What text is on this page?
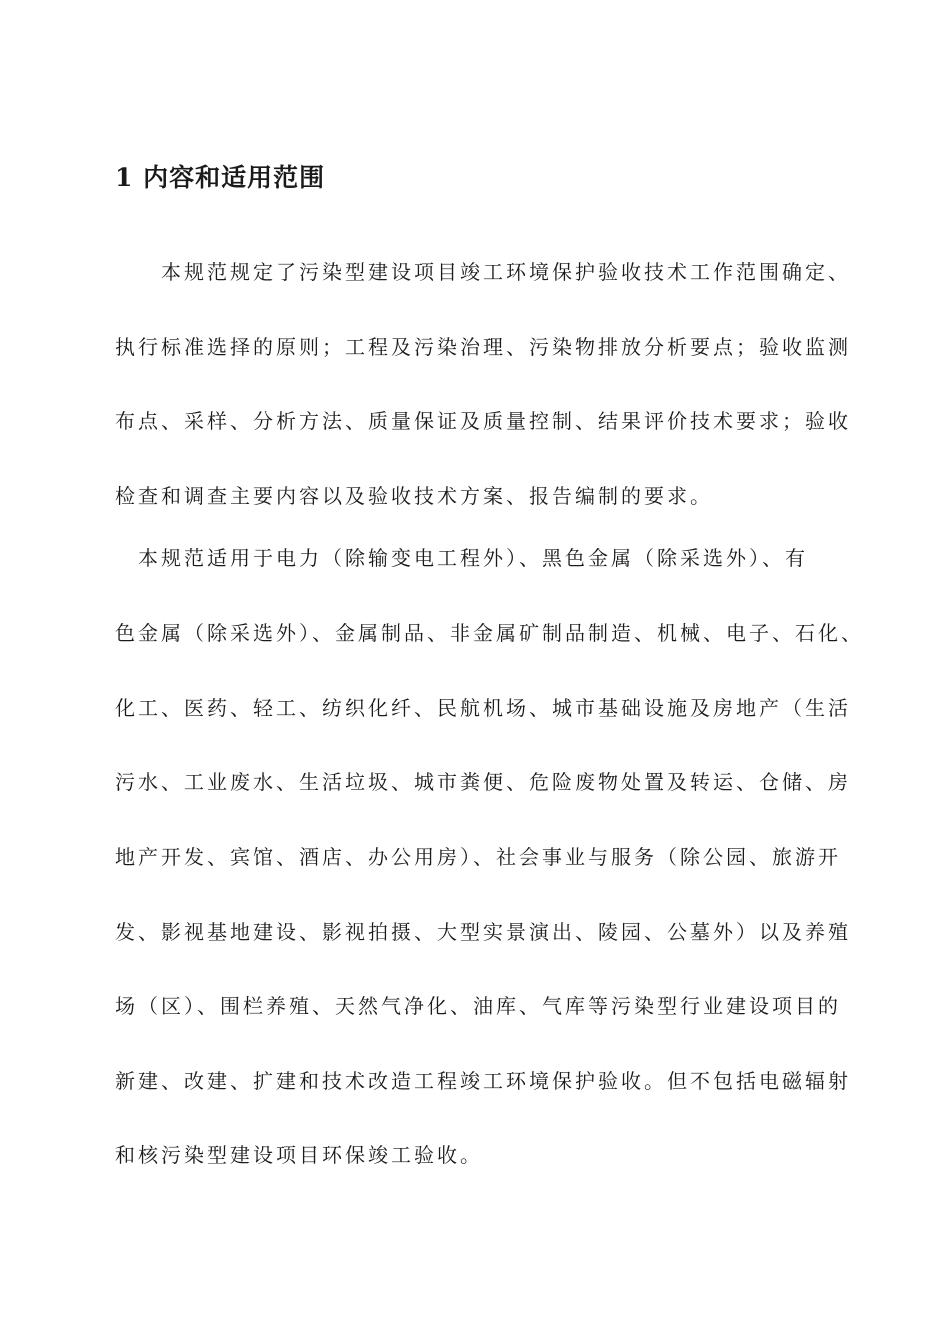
1 内容和适用范围
　　本规范规定了污染型建设项目竣工环境保护验收技术工作范围确定、
执行标准选择的原则；工程及污染治理、污染物排放分析要点；验收监测
布点、采样、分析方法、质量保证及质量控制、结果评价技术要求；验收
检查和调查主要内容以及验收技术方案、报告编制的要求。
　本规范适用于电力（除输变电工程外）、黑色金属（除采选外）、有
色金属（除采选外）、金属制品、非金属矿制品制造、机械、电子、石化、
化工、医药、轻工、纺织化纤、民航机场、城市基础设施及房地产（生活
污水、工业废水、生活垃圾、城市粪便、危险废物处置及转运、仓储、房
地产开发、宾馆、酒店、办公用房）、社会事业与服务（除公园、旅游开
发、影视基地建设、影视拍摄、大型实景演出、陵园、公墓外）以及养殖
场（区）、围栏养殖、天然气净化、油库、气库等污染型行业建设项目的
新建、改建、扩建和技术改造工程竣工环境保护验收。但不包括电磁辐射
和核污染型建设项目环保竣工验收。
